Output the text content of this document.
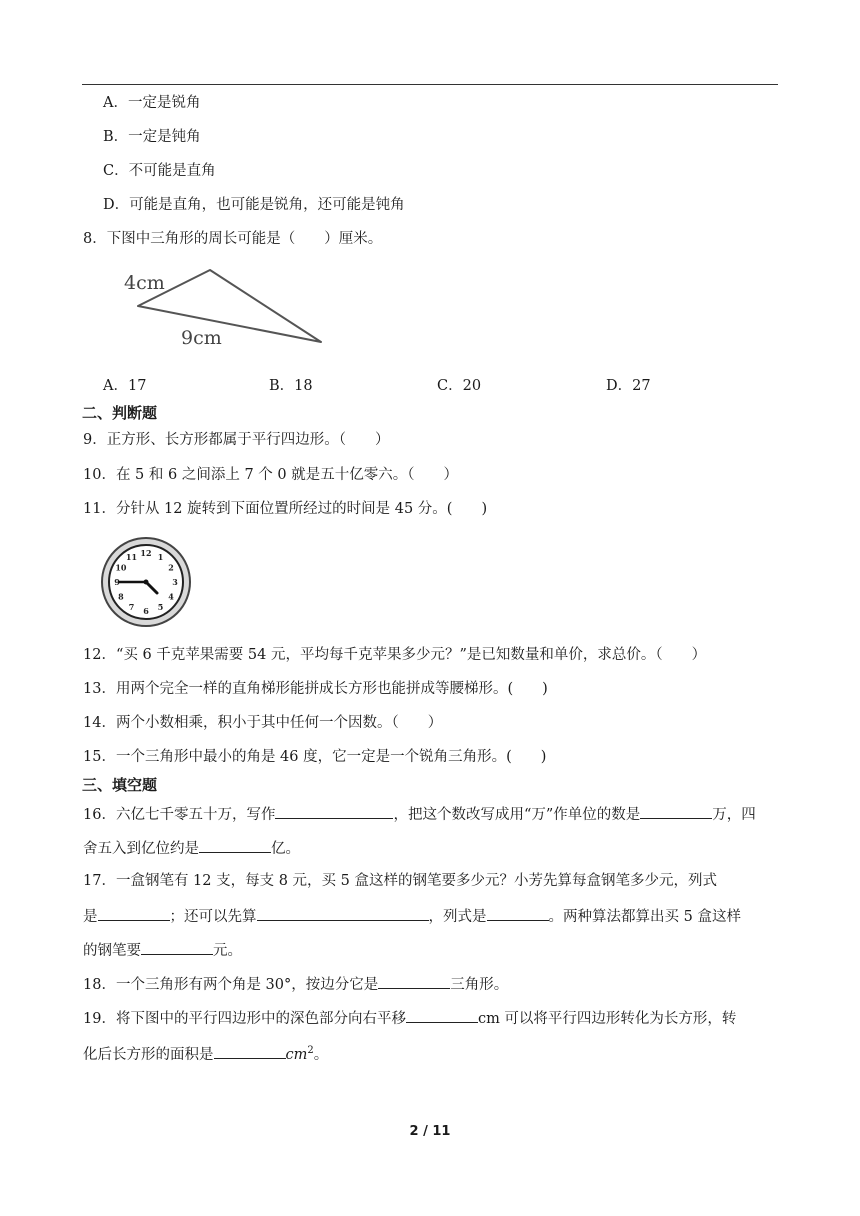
A．一定是锐角
B．一定是钝角
C．不可能是直角
D．可能是直角，也可能是锐角，还可能是钝角
8．下图中三角形的周长可能是（　　）厘米。
4cm
9cm
A．17	B．18	C．20	D．27
二、判断题
9．正方形、长方形都属于平行四边形。（　　）
10．在 5 和 6 之间添上 7 个 0 就是五十亿零六。（　　）
11．分针从 12 旋转到下面位置所经过的时间是 45 分。(　　)
12 1
2
3
4
5
6
7
8
9
10
11
12．“买 6 千克苹果需要 54 元，平均每千克苹果多少元？”是已知数量和单价，求总价。（　　）
13．用两个完全一样的直角梯形能拼成长方形也能拼成等腰梯形。(　　)
14．两个小数相乘，积小于其中任何一个因数。（　　）
15．一个三角形中最小的角是 46 度，它一定是一个锐角三角形。(　　)
三、填空题
16．六亿七千零五十万，写作	，把这个数改写成用“万”作单位的数是	万，四
舍五入到亿位约是	亿。
17．一盒钢笔有 12 支，每支 8 元，买 5 盒这样的钢笔要多少元？小芳先算每盒钢笔多少元，列式
是	；还可以先算	，列式是	。两种算法都算出买 5 盒这样
的钢笔要	元。
18．一个三角形有两个角是 30°，按边分它是	三角形。
19．将下图中的平行四边形中的深色部分向右平移	cm 可以将平行四边形转化为长方形，转
化后长方形的面积是	$cm^2$。
2 / 11
